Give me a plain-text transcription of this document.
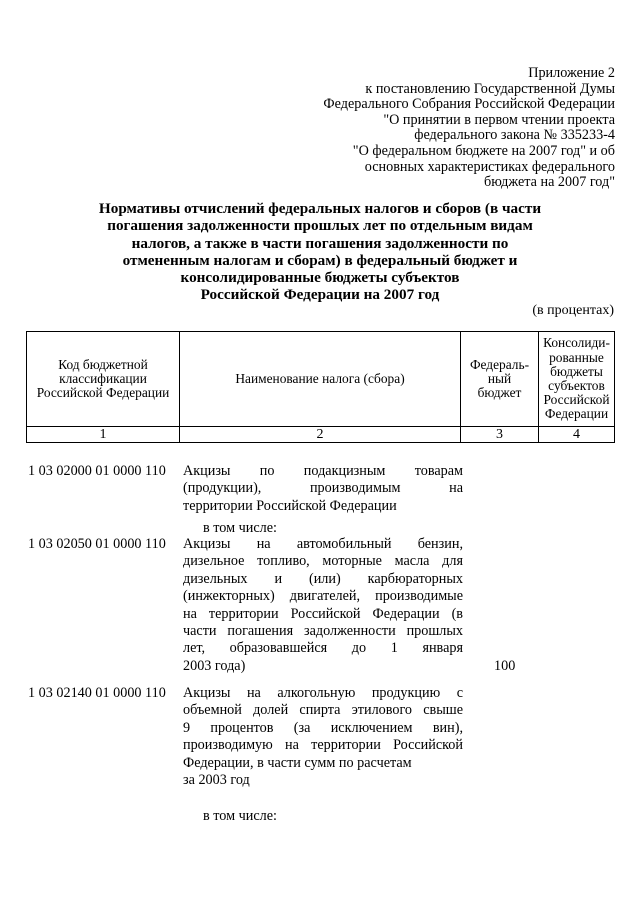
Приложение 2
к постановлению Государственной Думы
Федерального Собрания Российской Федерации
"О принятии в первом чтении проекта
федерального закона № 335233-4
"О федеральном бюджете на 2007 год" и об
основных характеристиках федерального
бюджета на 2007 год"
Нормативы отчислений федеральных налогов и сборов (в части
погашения задолженности прошлых лет по отдельным видам
налогов, а также в части погашения задолженности по
отмененным налогам и сборам) в федеральный бюджет и
консолидированные бюджеты субъектов
Российской Федерации на 2007 год
(в процентах)
Код бюджетной
классификации
Российской Федерации

Наименование налога (сбора)

Федераль-
ный
бюджет

Консолиди-
рованные
бюджеты
субъектов
Российской
Федерации

1	2	3	4
1 03 02000 01 0000 110 Акцизы по подакцизным товарам
(продукции), производимым на
территории Российской Федерации
в том числе:
1 03 02050 01 0000 110 Акцизы на автомобильный бензин,
дизельное топливо, моторные масла для
дизельных и (или) карбюраторных
(инжекторных) двигателей, производимые
на территории Российской Федерации (в
части погашения задолженности прошлых
лет, образовавшейся до 1 января
2003 года)	100
1 03 02140 01 0000 110 Акцизы на алкогольную продукцию с
объемной долей спирта этилового свыше
9 процентов (за исключением вин),
производимую на территории Российской
Федерации, в части сумм по расчетам
за 2003 год
в том числе:
